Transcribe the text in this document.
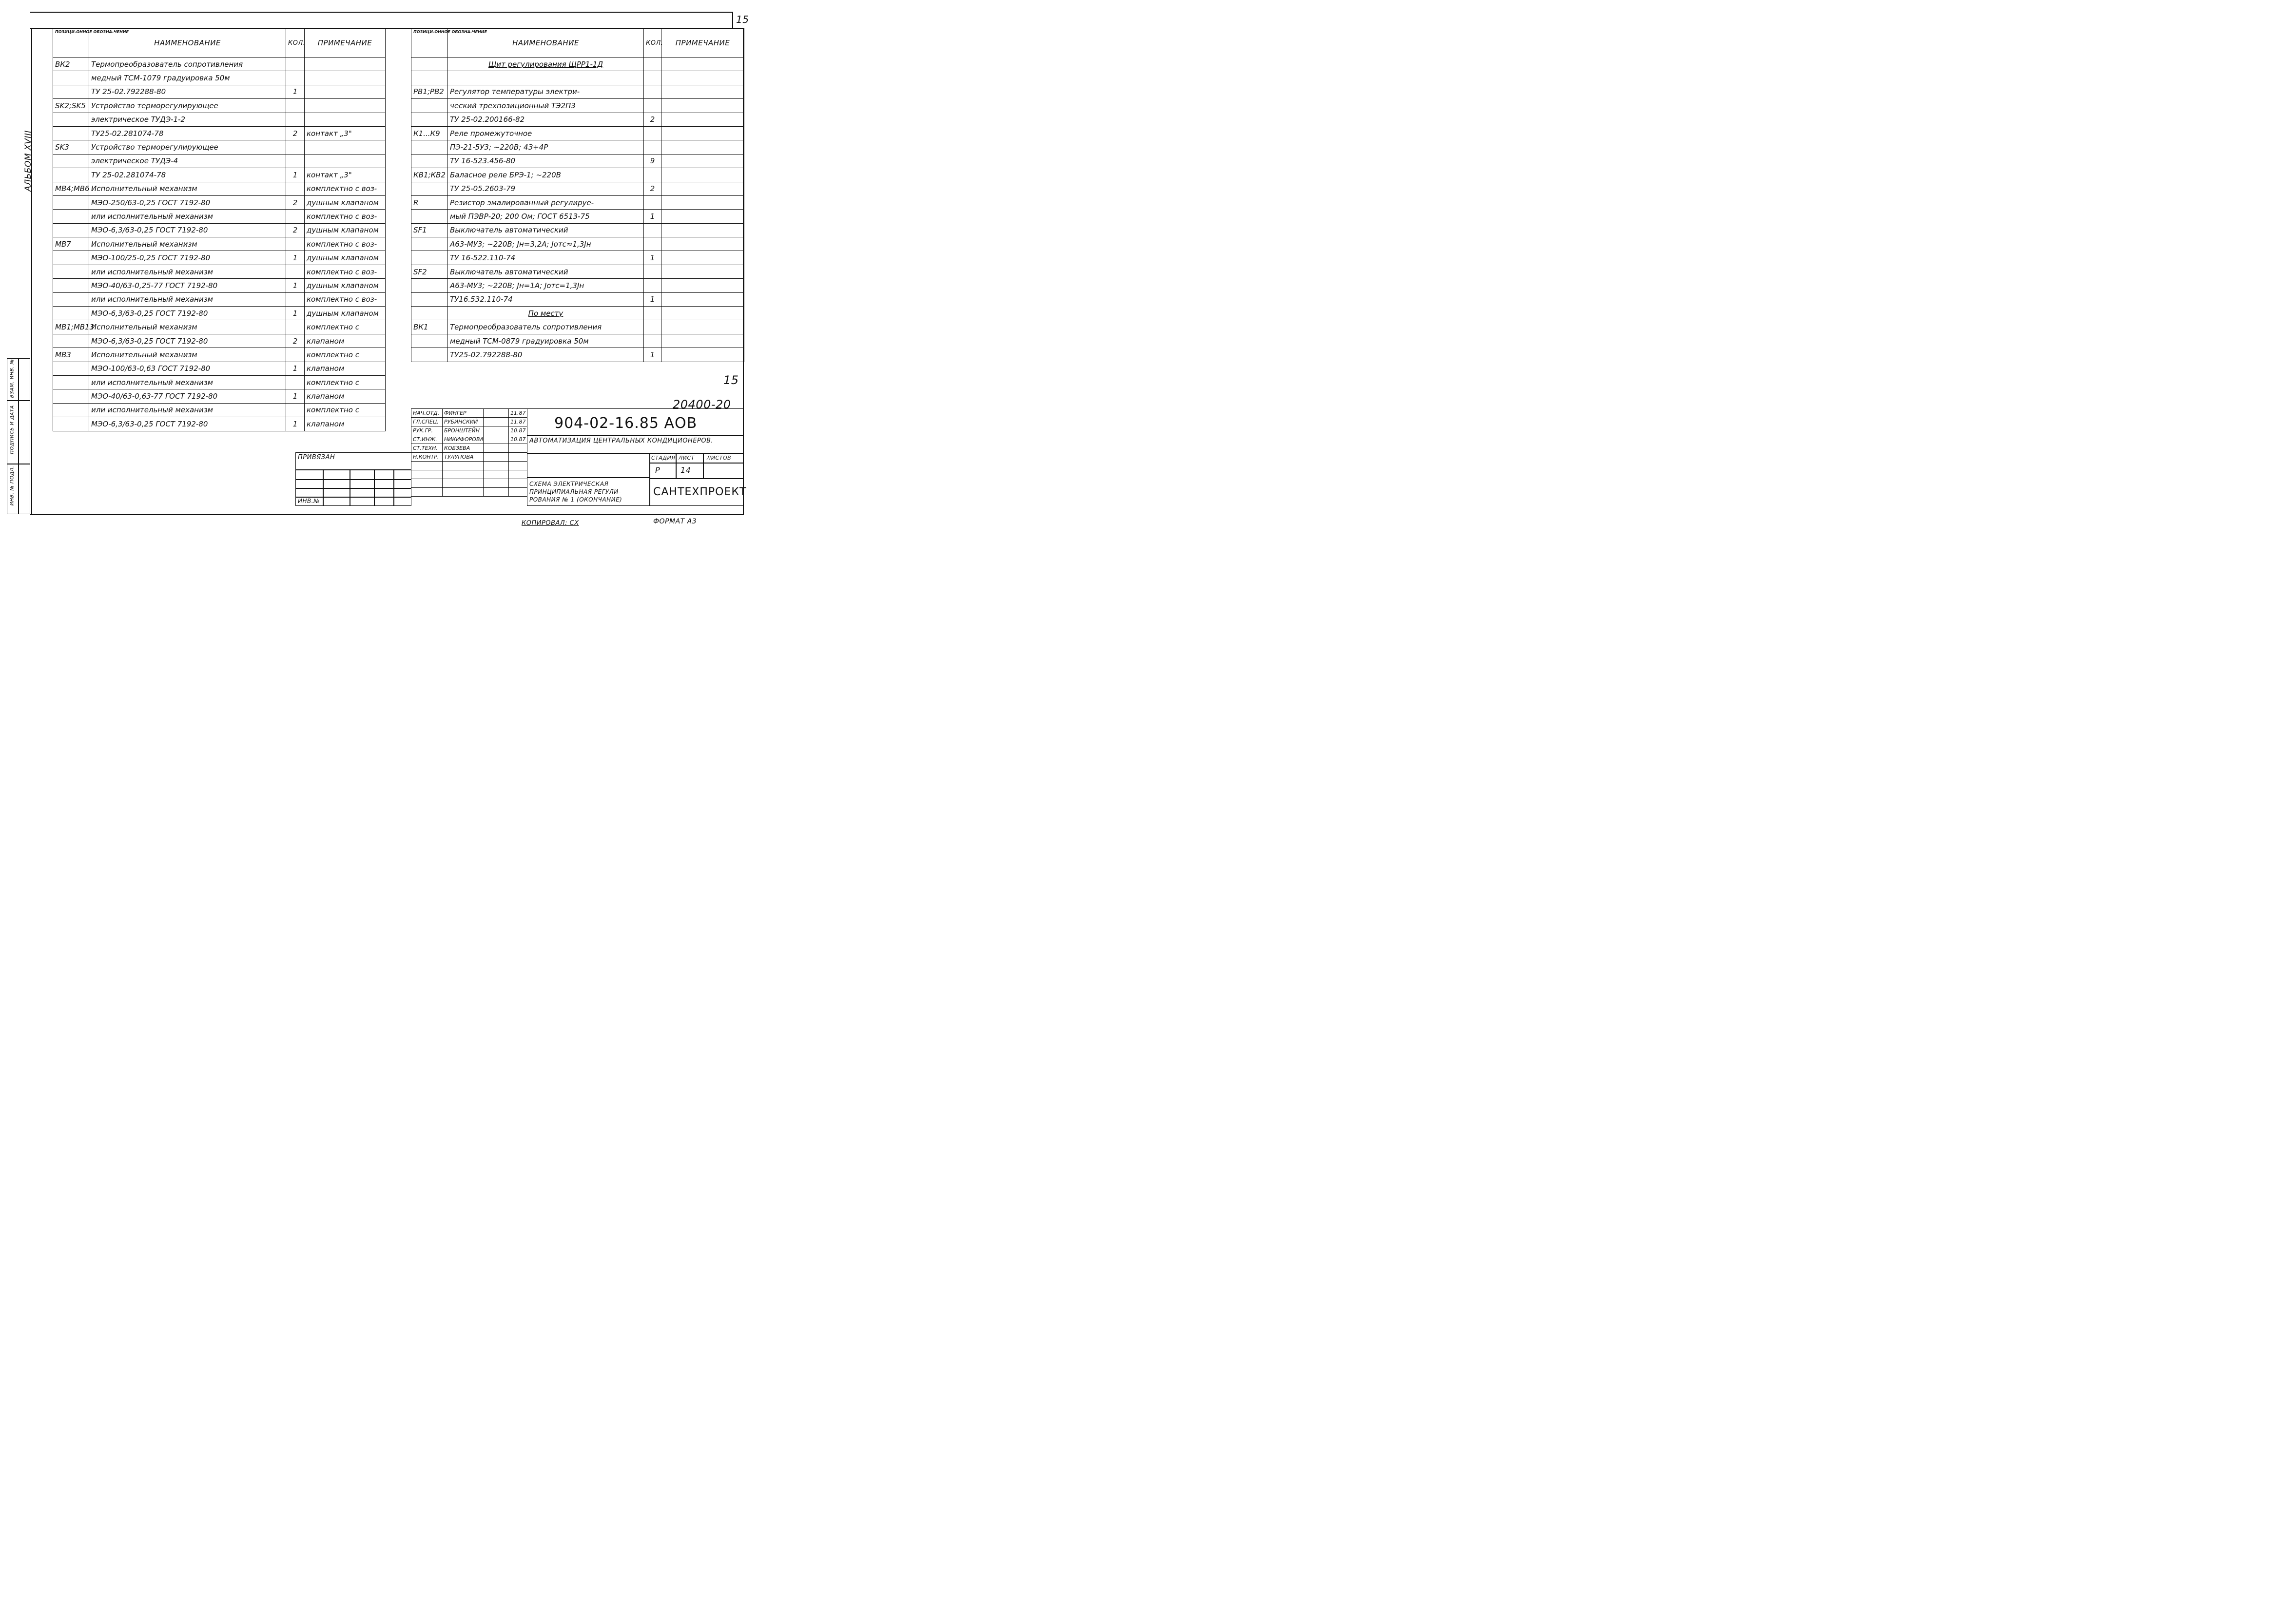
15
АЛЬБОМ XVIII
ИНВ. № ПОДЛ.
ПОДПИСЬ И ДАТА
ВЗАМ. ИНВ. №
ПОЗИЦИ-ОННОЕ ОБОЗНА-ЧЕНИЕ	НАИМЕНОВАНИЕ	КОЛ.	ПРИМЕЧАНИЕ
ВК2	Термопреобразователь сопротивления		
	медный ТСМ-1079 градуировка 50м		
	ТУ 25-02.792288-80	1	
SK2;SK5	Устройство терморегулирующее		
	электрическое ТУДЭ-1-2		
	ТУ25-02.281074-78	2	контакт „3"
SK3	Устройство терморегулирующее		
	электрическое ТУДЭ-4		
	ТУ 25-02.281074-78	1	контакт „3"
МВ4;МВ6	Исполнительный механизм		комплектно с воз-
	МЭО-250/63-0,25 ГОСТ 7192-80	2	душным клапаном
	или исполнительный механизм		комплектно с воз-
	МЭО-6,3/63-0,25 ГОСТ 7192-80	2	душным клапаном
МВ7	Исполнительный механизм		комплектно с воз-
	МЭО-100/25-0,25 ГОСТ 7192-80	1	душным клапаном
	или исполнительный механизм		комплектно с воз-
	МЭО-40/63-0,25-77 ГОСТ 7192-80	1	душным клапаном
	или исполнительный механизм		комплектно с воз-
	МЭО-6,3/63-0,25 ГОСТ 7192-80	1	душным клапаном
МВ1;МВ13	Исполнительный механизм		комплектно с
	МЭО-6,3/63-0,25 ГОСТ 7192-80	2	клапаном
МВ3	Исполнительный механизм		комплектно с
	МЭО-100/63-0,63 ГОСТ 7192-80	1	клапаном
	или исполнительный механизм		комплектно с
	МЭО-40/63-0,63-77 ГОСТ 7192-80	1	клапаном
	или исполнительный механизм		комплектно с
	МЭО-6,3/63-0,25 ГОСТ 7192-80	1	клапаном
ПОЗИЦИ-ОННОЕ ОБОЗНА-ЧЕНИЕ	НАИМЕНОВАНИЕ	КОЛ.	ПРИМЕЧАНИЕ
	Щит регулирования ЩРР1-1Д		

РВ1;РВ2	Регулятор температуры электри-		
	ческий трехпозиционный ТЭ2П3		
	ТУ 25-02.200166-82	2	
К1...К9	Реле промежуточное		
	ПЭ-21-5У3; ~220В; 4З+4Р		
	ТУ 16-523.456-80	9	
КВ1;КВ2	Баласное реле БРЭ-1; ~220В		
	ТУ 25-05.2603-79	2	
R	Резистор эмалированный регулируе-		
	мый ПЭВР-20; 200 Ом; ГОСТ 6513-75	1	
SF1	Выключатель автоматический		
	А63-МУ3; ~220В; Jн=3,2А; Jотс≈1,3Jн		
	ТУ 16-522.110-74	1	
SF2	Выключатель автоматический		
	А63-МУ3; ~220В; Jн=1А; Jотс=1,3Jн		
	ТУ16.532.110-74	1	
	По месту		
ВК1	Термопреобразователь сопротивления		
	медный ТСМ-0879 градуировка 50м		
	ТУ25-02.792288-80	1	
15
20400-20
ПРИВЯЗАН
ИНВ.№
НАЧ.ОТД.	ФИНГЕР		11.87
ГЛ.СПЕЦ.	РУБИНСКИЙ		11.87
РУК.ГР.	БРОНШТЕЙН		10.87
СТ.ИНЖ.	НИКИФОРОВА		10.87
СТ.ТЕХН.	КОБЗЕВА		
Н.КОНТР.	ТУЛУПОВА		

904-02-16.85 АОВ
АВТОМАТИЗАЦИЯ ЦЕНТРАЛЬНЫХ КОНДИЦИОНЕРОВ.
СТАДИЯ ЛИСТ ЛИСТОВ
Р	14
СХЕМА ЭЛЕКТРИЧЕСКАЯ ПРИНЦИПИАЛЬНАЯ РЕГУЛИ-РОВАНИЯ № 1 (ОКОНЧАНИЕ)
САНТЕХПРОЕКТ
КОПИРОВАЛ: СХ	ФОРМАТ А3
